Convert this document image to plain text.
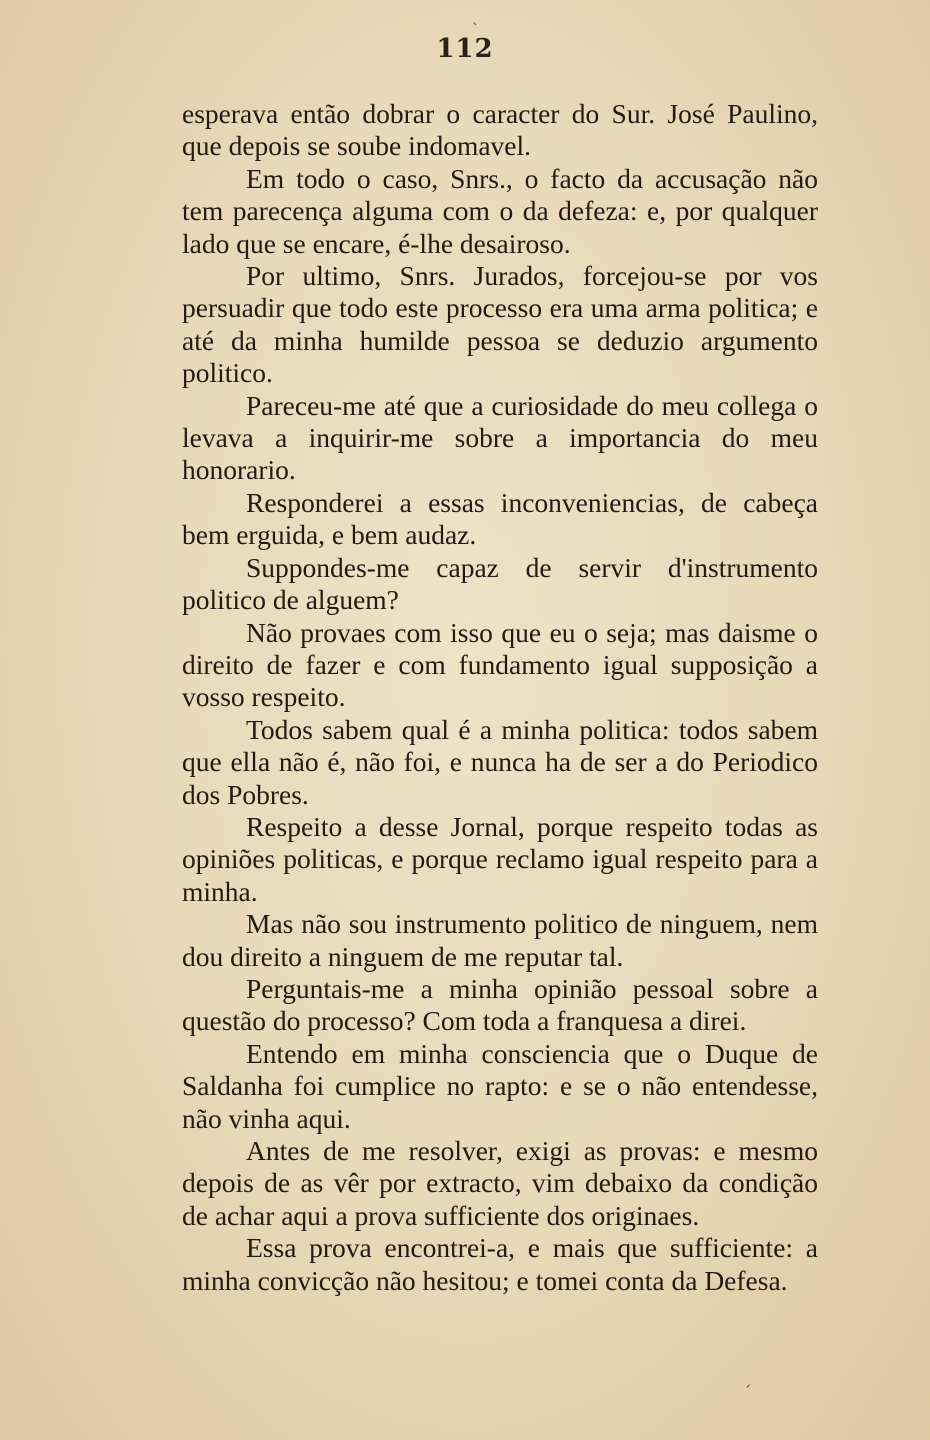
112

esperava então dobrar o caracter do Sur. José Paulino, que depois se soube indomavel.

Em todo o caso, Snrs., o facto da accusação não tem parecença alguma com o da defeza: e, por qualquer lado que se encare, é-lhe desairoso.

Por ultimo, Snrs. Jurados, forcejou-se por vos persuadir que todo este processo era uma arma politica; e até da minha humilde pessoa se deduzio argumento politico.

Pareceu-me até que a curiosidade do meu collega o levava a inquirir-me sobre a importancia do meu honorario.

Responderei a essas inconveniencias, de cabeça bem erguida, e bem audaz.

Suppondes-me capaz de servir d'instrumento politico de alguem?

Não provaes com isso que eu o seja; mas daisme o direito de fazer e com fundamento igual supposição a vosso respeito.

Todos sabem qual é a minha politica: todos sabem que ella não é, não foi, e nunca ha de ser a do Periodico dos Pobres.

Respeito a desse Jornal, porque respeito todas as opiniões politicas, e porque reclamo igual respeito para a minha.

Mas não sou instrumento politico de ninguem, nem dou direito a ninguem de me reputar tal.

Perguntais-me a minha opinião pessoal sobre a questão do processo? Com toda a franquesa a direi.

Entendo em minha consciencia que o Duque de Saldanha foi cumplice no rapto: e se o não entendesse, não vinha aqui.

Antes de me resolver, exigi as provas: e mesmo depois de as vêr por extracto, vim debaixo da condição de achar aqui a prova sufficiente dos originaes.

Essa prova encontrei-a, e mais que sufficiente: a minha convicção não hesitou; e tomei conta da Defesa.

ˋ
ˏ
